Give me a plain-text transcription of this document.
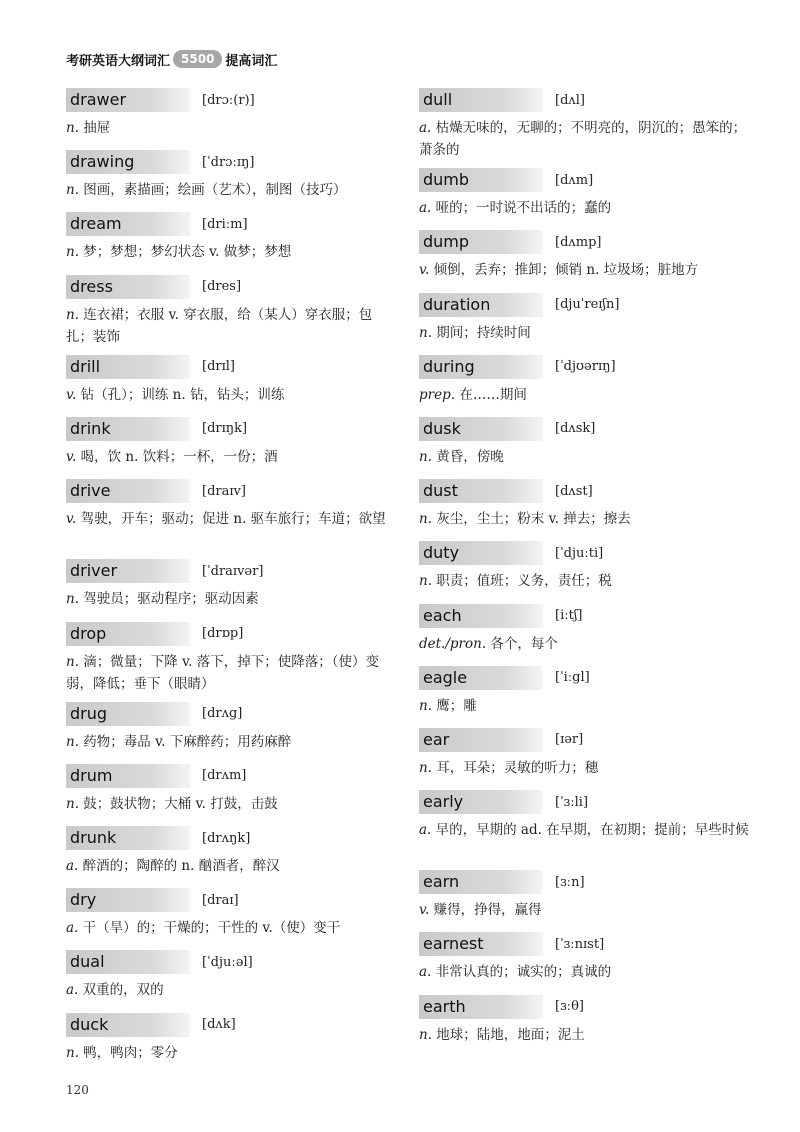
考研英语大纲词汇 5500 提高词汇
drawer	[drɔː(r)]
n. 抽屉
drawing	[ˈdrɔːɪŋ]
n. 图画，素描画；绘画（艺术），制图（技巧）
dream	[driːm]
n. 梦；梦想；梦幻状态 v. 做梦；梦想
dress	[dres]
n. 连衣裙；衣服 v. 穿衣服，给（某人）穿衣服；包扎；装饰
drill	[drɪl]
v. 钻（孔）；训练 n. 钻，钻头；训练
drink	[drɪŋk]
v. 喝，饮 n. 饮料；一杯，一份；酒
drive	[draɪv]
v. 驾驶，开车；驱动；促进 n. 驱车旅行；车道；欲望
driver	[ˈdraɪvər]
n. 驾驶员；驱动程序；驱动因素
drop	[drɒp]
n. 滴；微量；下降 v. 落下，掉下；使降落；（使）变弱，降低；垂下（眼睛）
drug	[drʌg]
n. 药物；毒品 v. 下麻醉药；用药麻醉
drum	[drʌm]
n. 鼓；鼓状物；大桶 v. 打鼓，击鼓
drunk	[drʌŋk]
a. 醉酒的；陶醉的 n. 酗酒者，醉汉
dry	[draɪ]
a. 干（旱）的；干燥的；干性的 v.（使）变干
dual	[ˈdjuːəl]
a. 双重的，双的
duck	[dʌk]
n. 鸭，鸭肉；零分
dull	[dʌl]
a. 枯燥无味的，无聊的；不明亮的，阴沉的；愚笨的；萧条的
dumb	[dʌm]
a. 哑的；一时说不出话的；蠢的
dump	[dʌmp]
v. 倾倒，丢弃；推卸；倾销 n. 垃圾场；脏地方
duration	[djuˈreɪʃn]
n. 期间；持续时间
during	[ˈdjʊərɪŋ]
prep. 在……期间
dusk	[dʌsk]
n. 黄昏，傍晚
dust	[dʌst]
n. 灰尘，尘土；粉末 v. 掸去；擦去
duty	[ˈdjuːti]
n. 职责；值班；义务，责任；税
each	[iːtʃ]
det./pron. 各个，每个
eagle	[ˈiːgl]
n. 鹰；雕
ear	[ɪər]
n. 耳，耳朵；灵敏的听力；穗
early	[ˈɜːli]
a. 早的，早期的 ad. 在早期，在初期；提前；早些时候
earn	[ɜːn]
v. 赚得，挣得，赢得
earnest	[ˈɜːnɪst]
a. 非常认真的；诚实的；真诚的
earth	[ɜːθ]
n. 地球；陆地，地面；泥土
120
